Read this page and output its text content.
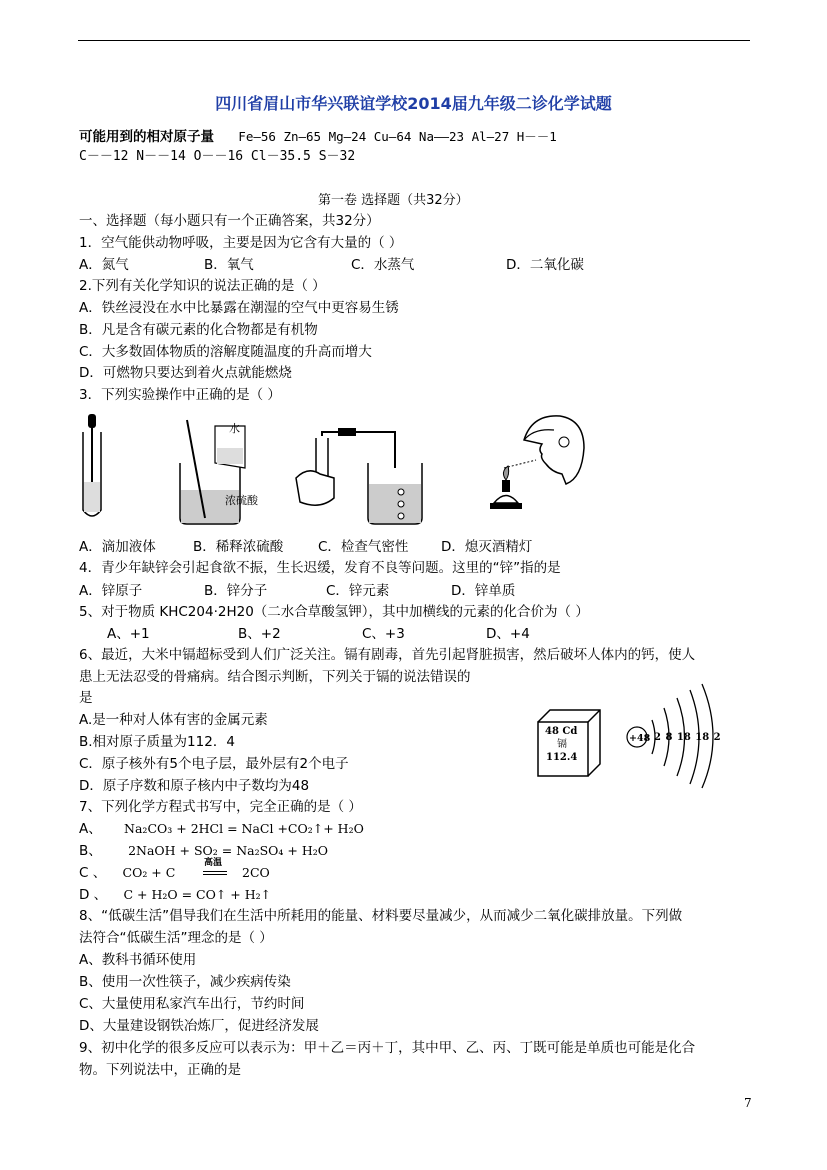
四川省眉山市华兴联谊学校2014届九年级二诊化学试题
可能用到的相对原子量 Fe—56 Zn—65 Mg—24 Cu—64 Na——23 Al—27 H－－1
C－－12 N－－14 O－－16 Cl－35.5 S－32
第一卷 选择题（共32分）
一、选择题（每小题只有一个正确答案，共32分）
1．空气能供动物呼吸，主要是因为它含有大量的（ ）
A．氮气	B．氧气	C．水蒸气	D．二氧化碳
2.下列有关化学知识的说法正确的是（ ）
A．铁丝浸没在水中比暴露在潮湿的空气中更容易生锈
B．凡是含有碳元素的化合物都是有机物
C．大多数固体物质的溶解度随温度的升高而增大
D．可燃物只要达到着火点就能燃烧
3．下列实验操作中正确的是（ ）
水
浓硫酸
A．滴加液体	B．稀释浓硫酸	C．检查气密性 D．熄灭酒精灯
4．青少年缺锌会引起食欲不振，生长迟缓，发育不良等问题。这里的“锌”指的是
A．锌原子	B．锌分子	C．锌元素	D．锌单质
5、对于物质 KHC204·2H20（二水合草酸氢钾），其中加横线的元素的化合价为（ ）
A、+1	B、+2	C、+3	D、+4
6、最近，大米中镉超标受到人们广泛关注。镉有剧毒，首先引起肾脏损害，然后破坏人体内的钙，使人
患上无法忍受的骨痛病。结合图示判断，下列关于镉的说法错误的
是
A.是一种对人体有害的金属元素
B.相对原子质量为112．4
C．原子核外有5个电子层，最外层有2个电子
D．原子序数和原子核内中子数均为48
48 Cd
镉
112.4
+48 2 8 18 18 2
7、下列化学方程式书写中，完全正确的是（ ）
A、 Na₂CO₃ + 2HCl = NaCl +CO₂↑+ H₂O
B、 2NaOH + SO₂ = Na₂SO₄ + H₂O
C 、 CO₂ + C
高温
2CO
D 、 C + H₂O = CO↑ + H₂↑
8、“低碳生活”倡导我们在生活中所耗用的能量、材料要尽量减少，从而减少二氧化碳排放量。下列做
法符合“低碳生活”理念的是（ ）
A、教科书循环使用
B、使用一次性筷子，减少疾病传染
C、大量使用私家汽车出行，节约时间
D、大量建设钢铁冶炼厂，促进经济发展
9、初中化学的很多反应可以表示为：甲＋乙＝丙＋丁，其中甲、乙、丙、丁既可能是单质也可能是化合
物。下列说法中，正确的是
7
